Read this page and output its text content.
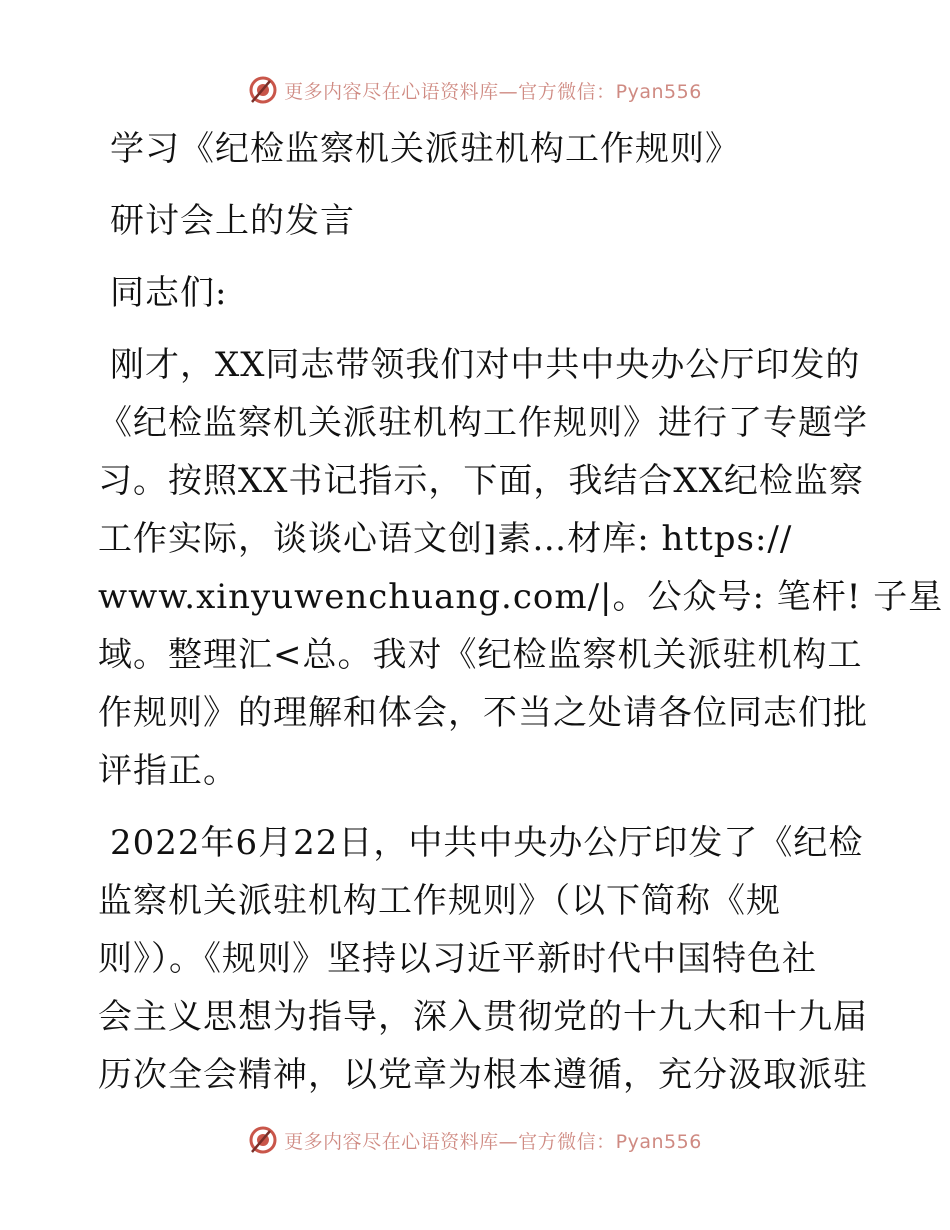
更多内容尽在心语资料库—官方微信：Pyan556
学习《纪检监察机关派驻机构工作规则》
研讨会上的发言
同志们:
刚才，XX同志带领我们对中共中央办公厅印发的
《纪检监察机关派驻机构工作规则》进行了专题学
习。按照XX书记指示，下面，我结合XX纪检监察
工作实际，谈谈心语文创]素…材库: https://
www.xinyuwenchuang.com/|。公众号: 笔杆! 子星
域。整理汇<总。我对《纪检监察机关派驻机构工
作规则》的理解和体会，不当之处请各位同志们批
评指正。
2022年6月22日，中共中央办公厅印发了《纪检
监察机关派驻机构工作规则》（以下简称《规
则》）。《规则》坚持以习近平新时代中国特色社
会主义思想为指导，深入贯彻党的十九大和十九届
历次全会精神，以党章为根本遵循，充分汲取派驻
更多内容尽在心语资料库—官方微信：Pyan556
